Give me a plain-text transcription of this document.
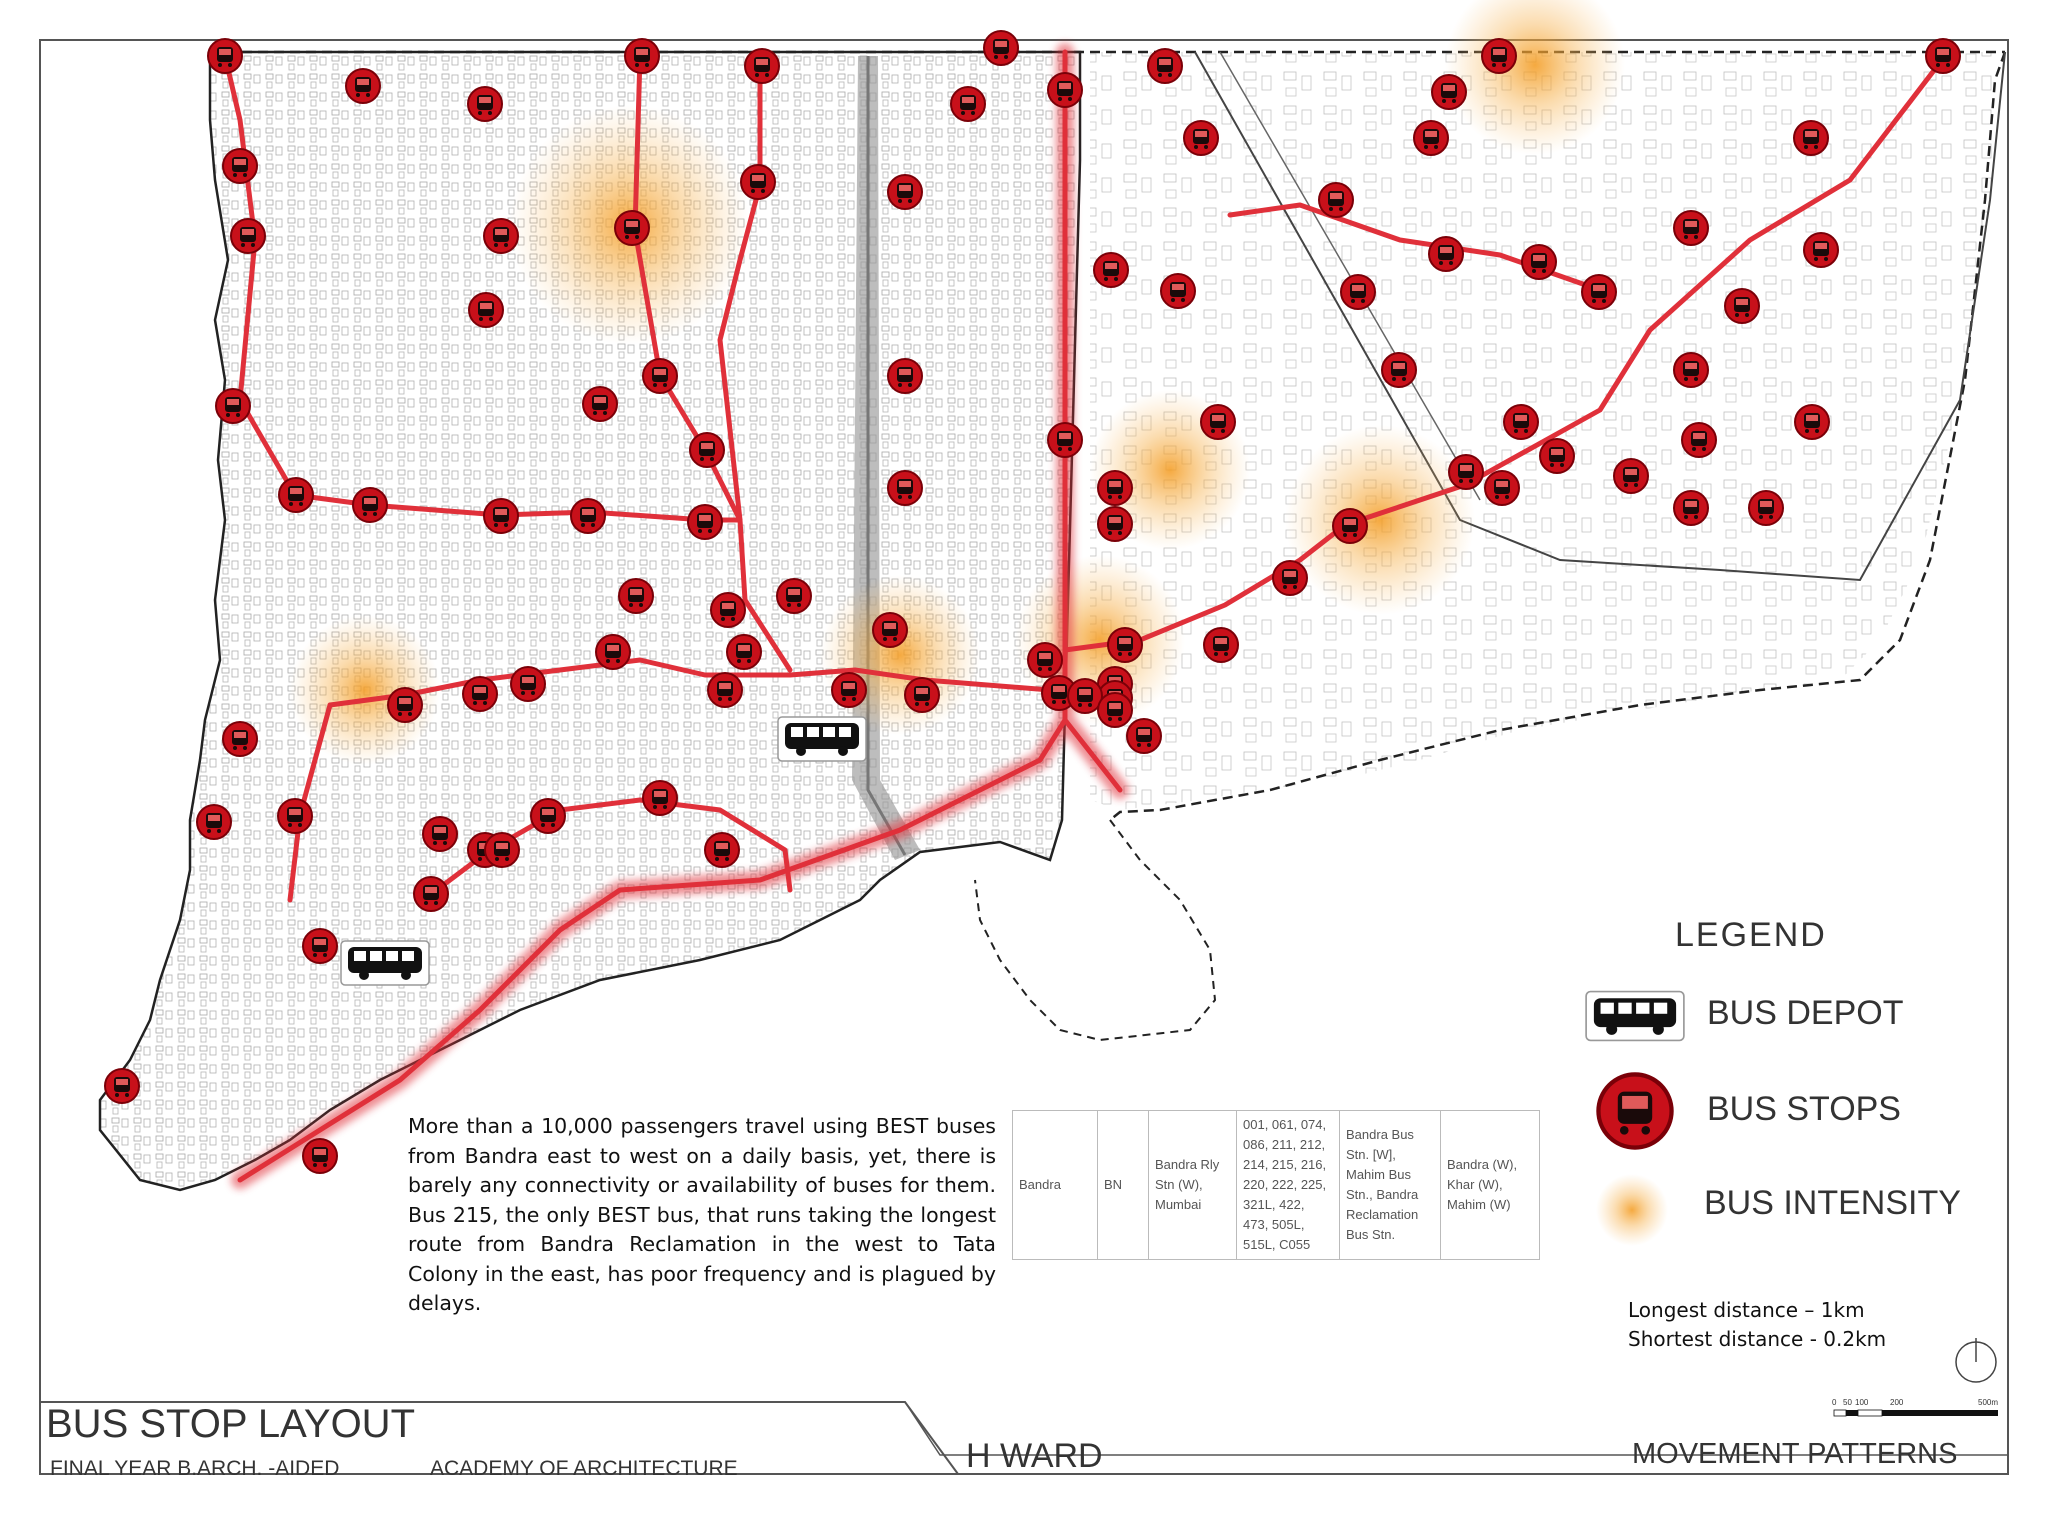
LEGEND
BUS DEPOT
BUS STOPS
BUS INTENSITY
0 50 100	200	500m
BUS STOP LAYOUT
FINAL YEAR B.ARCH. -AIDED	ACADEMY OF ARCHITECTURE	H WARD	MOVEMENT PATTERNS
More than a 10,000 passengers travel using BEST buses from Bandra east to west on a daily basis, yet, there is barely any connectivity or availability of buses for them. Bus 215, the only BEST bus, that runs taking the longest route from Bandra Reclamation in the west to Tata Colony in the east, has poor frequency and is plagued by delays.
Bandra	BN	Bandra Rly Stn (W), Mumbai	001, 061, 074, 086, 211, 212, 214, 215, 216, 220, 222, 225, 321L, 422, 473, 505L, 515L, C055	Bandra Bus Stn. [W], Mahim Bus Stn., Bandra Reclamation Bus Stn.	Bandra (W), Khar (W), Mahim (W)
Longest distance – 1km
Shortest distance - 0.2km
